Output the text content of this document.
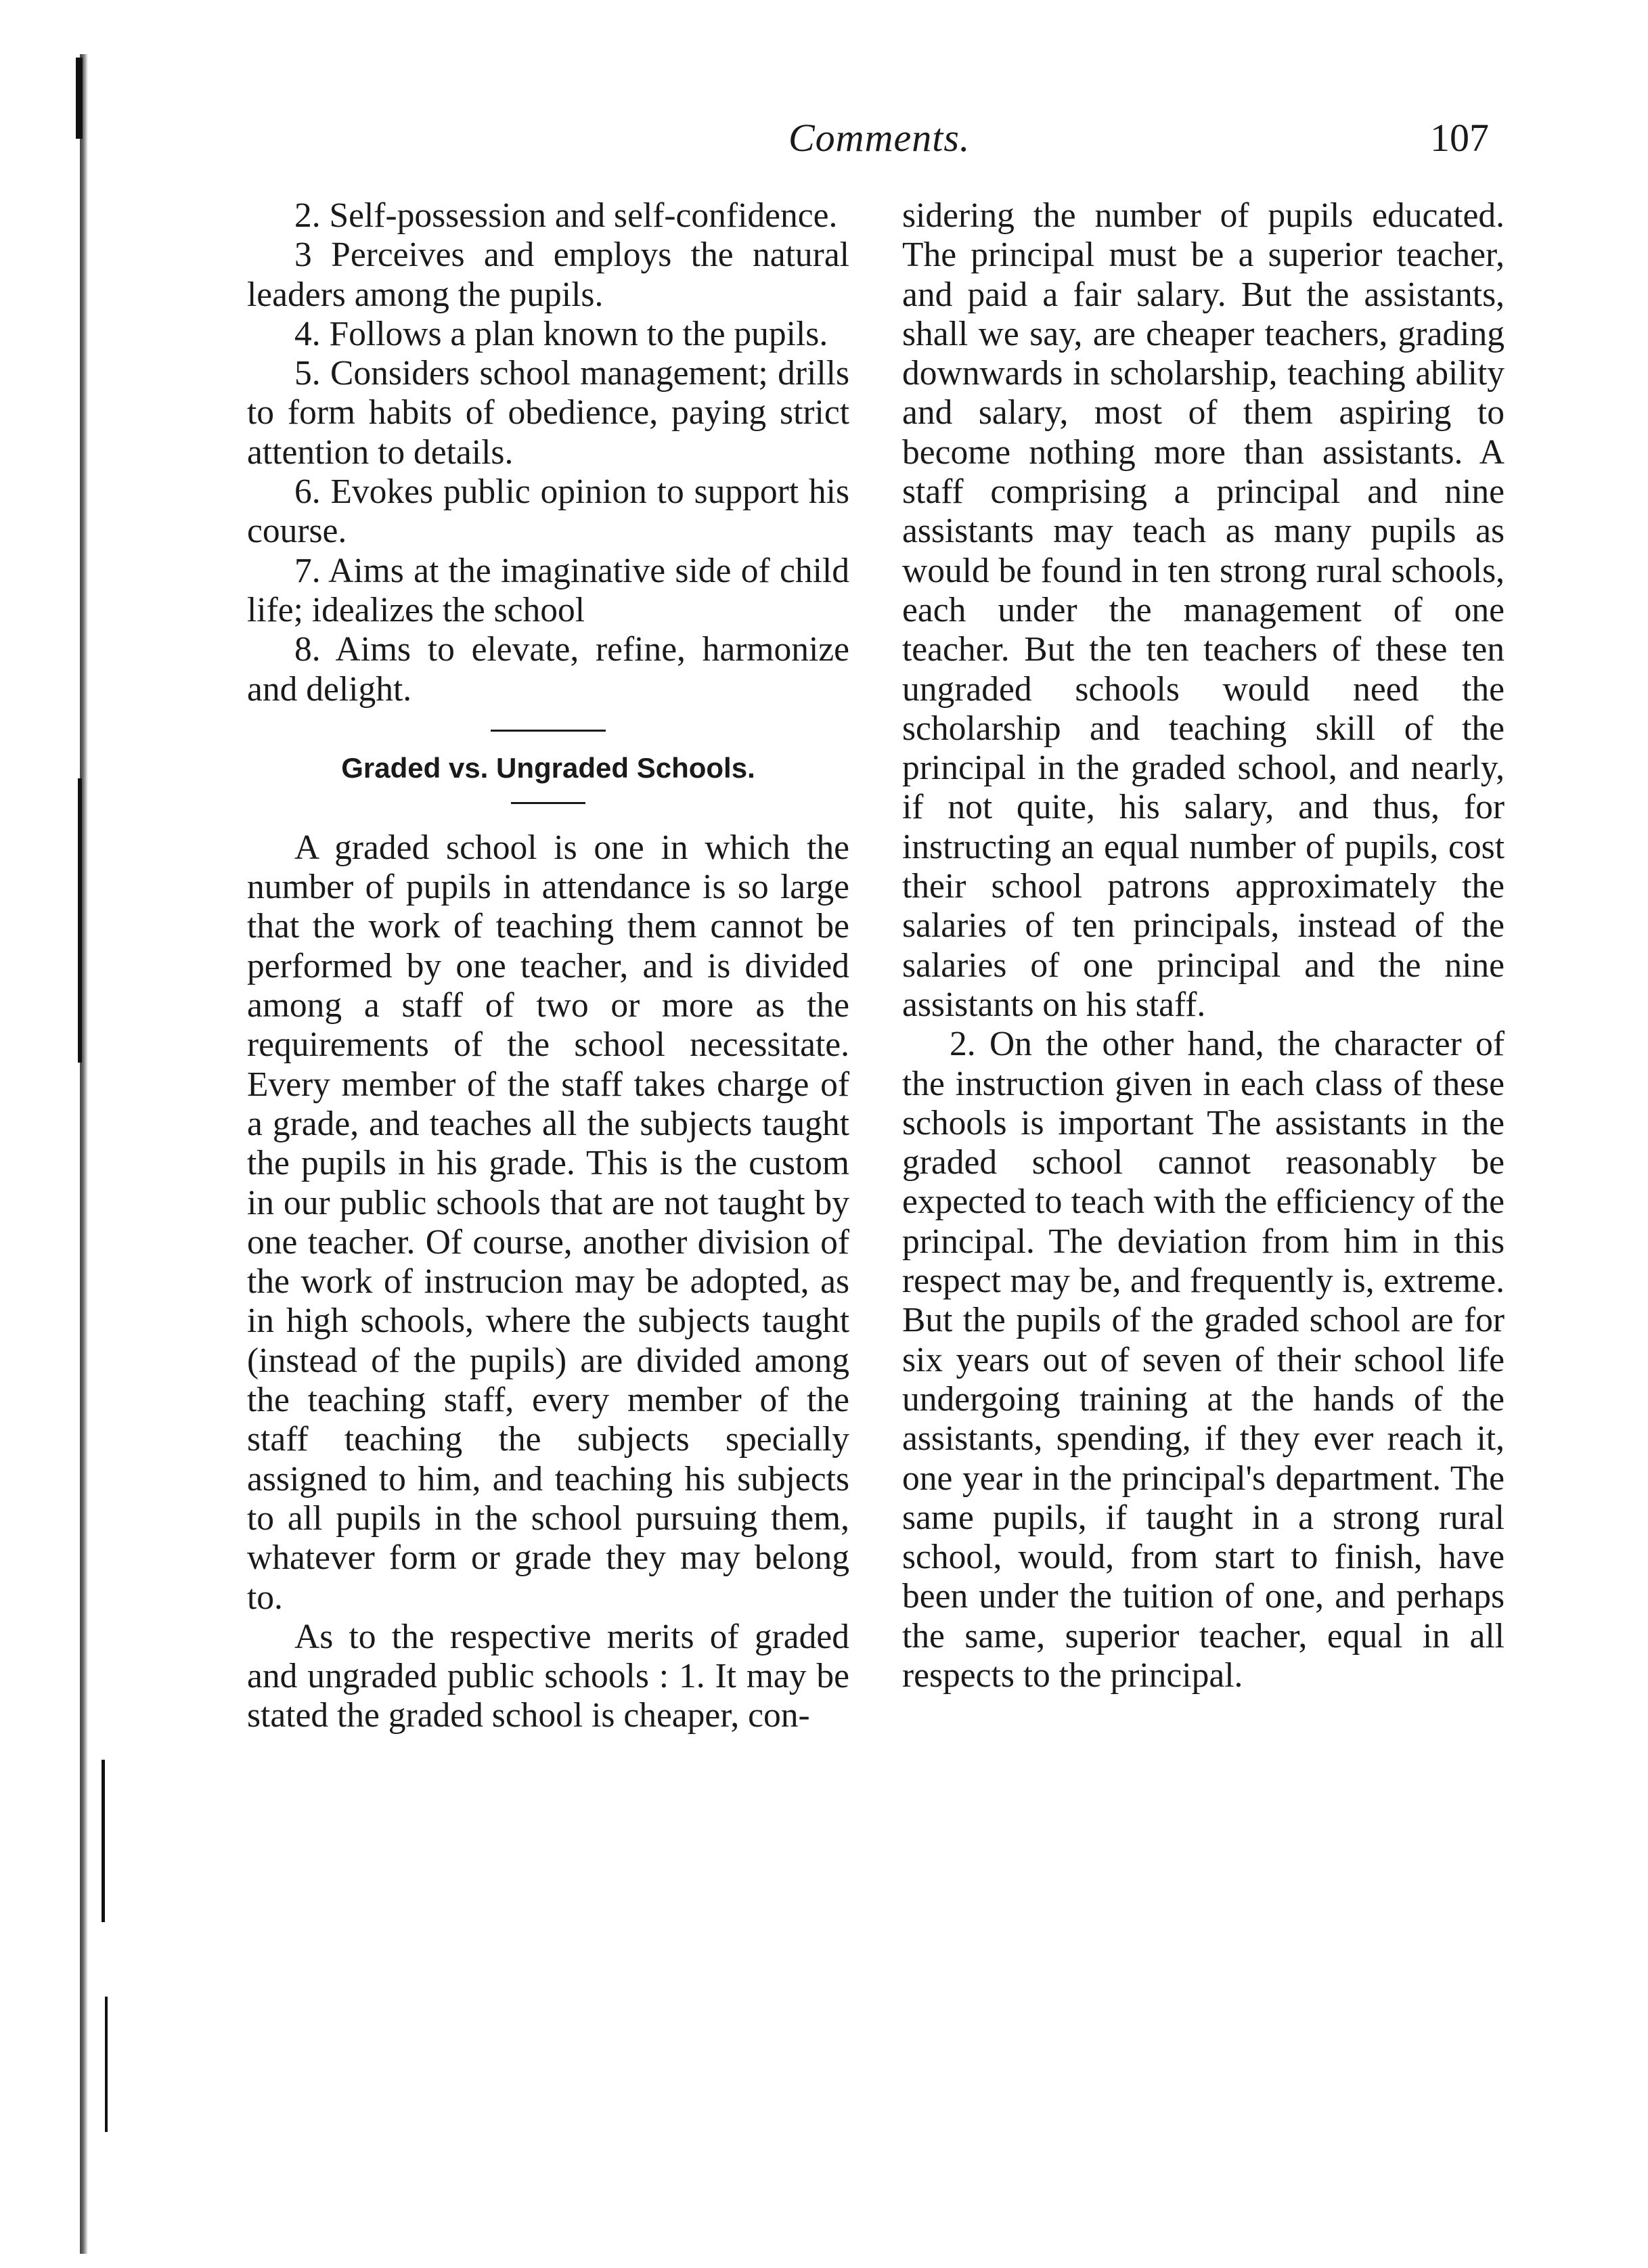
Comments.	107

2. Self-possession and self-confidence.

3 Perceives and employs the natural leaders among the pupils.

4. Follows a plan known to the pupils.

5. Considers school management; drills to form habits of obedience, paying strict attention to details.

6. Evokes public opinion to support his course.

7. Aims at the imaginative side of child life; idealizes the school

8. Aims to elevate, refine, harmonize and delight.

Graded vs. Ungraded Schools.

A graded school is one in which the number of pupils in attendance is so large that the work of teaching them cannot be performed by one teacher, and is divided among a staff of two or more as the requirements of the school necessitate. Every member of the staff takes charge of a grade, and teaches all the subjects taught the pupils in his grade. This is the custom in our public schools that are not taught by one teacher. Of course, another division of the work of instrucion may be adopted, as in high schools, where the subjects taught (instead of the pupils) are divided among the teaching staff, every member of the staff teaching the subjects specially assigned to him, and teaching his subjects to all pupils in the school pursuing them, whatever form or grade they may belong to.

As to the respective merits of graded and ungraded public schools : 1. It may be stated the graded school is cheaper, con-

sidering the number of pupils educated. The principal must be a superior teacher, and paid a fair salary. But the assistants, shall we say, are cheaper teachers, grading downwards in scholarship, teaching ability and salary, most of them aspiring to become nothing more than assistants. A staff comprising a principal and nine assistants may teach as many pupils as would be found in ten strong rural schools, each under the management of one teacher. But the ten teachers of these ten ungraded schools would need the scholarship and teaching skill of the principal in the graded school, and nearly, if not quite, his salary, and thus, for instructing an equal number of pupils, cost their school patrons approximately the salaries of ten principals, instead of the salaries of one principal and the nine assistants on his staff.

2. On the other hand, the character of the instruction given in each class of these schools is important The assistants in the graded school cannot reasonably be expected to teach with the efficiency of the principal. The deviation from him in this respect may be, and frequently is, extreme. But the pupils of the graded school are for six years out of seven of their school life undergoing training at the hands of the assistants, spending, if they ever reach it, one year in the principal's department. The same pupils, if taught in a strong rural school, would, from start to finish, have been under the tuition of one, and perhaps the same, superior teacher, equal in all respects to the principal.
